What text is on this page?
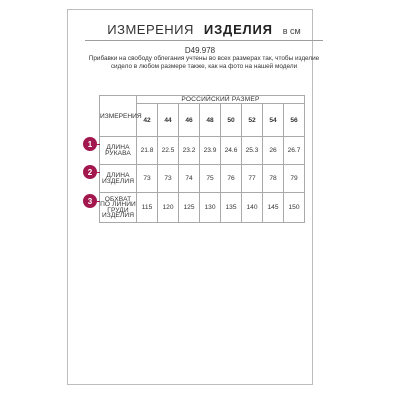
ИЗМЕРЕНИЯ ИЗДЕЛИЯ в см
D49.978
Прибавки на свободу облегания учтены во всех размерах так, чтобы изделие сидело в любом размере также, как на фото на нашей модели
ИЗМЕРЕНИЯ	РОССИЙСКИЙ РАЗМЕР							
	42	44	46	48	50	52	54	56
ДЛИНА РУКАВА	21.8	22.5	23.2	23.9	24.6	25.3	26	26.7
ДЛИНА ИЗДЕЛИЯ	73	73	74	75	76	77	78	79
ОБХВАТ ПО ЛИНИИ ГРУДИ ИЗДЕЛИЯ	115	120	125	130	135	140	145	150
1
2
3
